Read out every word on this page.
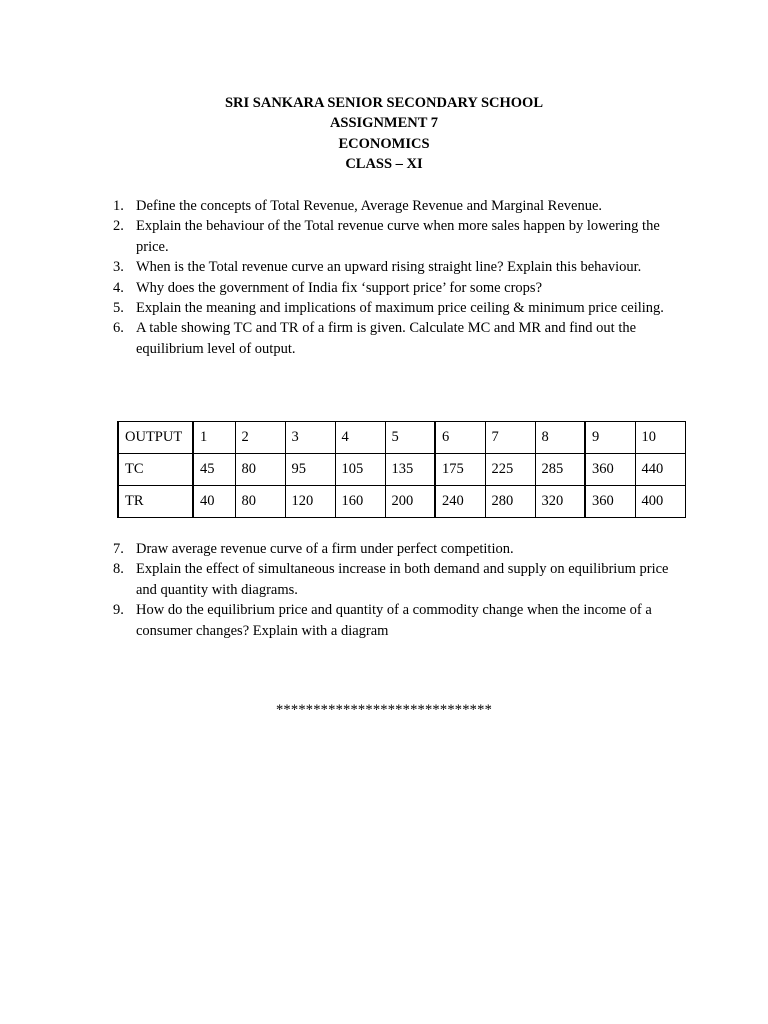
SRI SANKARA SENIOR SECONDARY SCHOOL
ASSIGNMENT 7
ECONOMICS
CLASS – XI
1. Define the concepts of Total Revenue, Average Revenue and Marginal Revenue.
2. Explain the behaviour of the Total revenue curve when more sales happen by lowering the price.
3. When is the Total revenue curve an upward rising straight line? Explain this behaviour.
4. Why does the government of India fix ‘support price’ for some crops?
5. Explain the meaning and implications of maximum price ceiling & minimum price ceiling.
6. A table showing TC and TR of a firm is given. Calculate MC and MR and find out the equilibrium level of output.
OUTPUT	1	2	3	4	5	6	7	8	9	10
TC	45	80	95	105	135	175	225	285	360	440
TR	40	80	120	160	200	240	280	320	360	400
7. Draw average revenue curve of a firm under perfect competition.
8. Explain the effect of simultaneous increase in both demand and supply on equilibrium price and quantity with diagrams.
9. How do the equilibrium price and quantity of a commodity change when the income of a consumer changes? Explain with a diagram
*****************************
